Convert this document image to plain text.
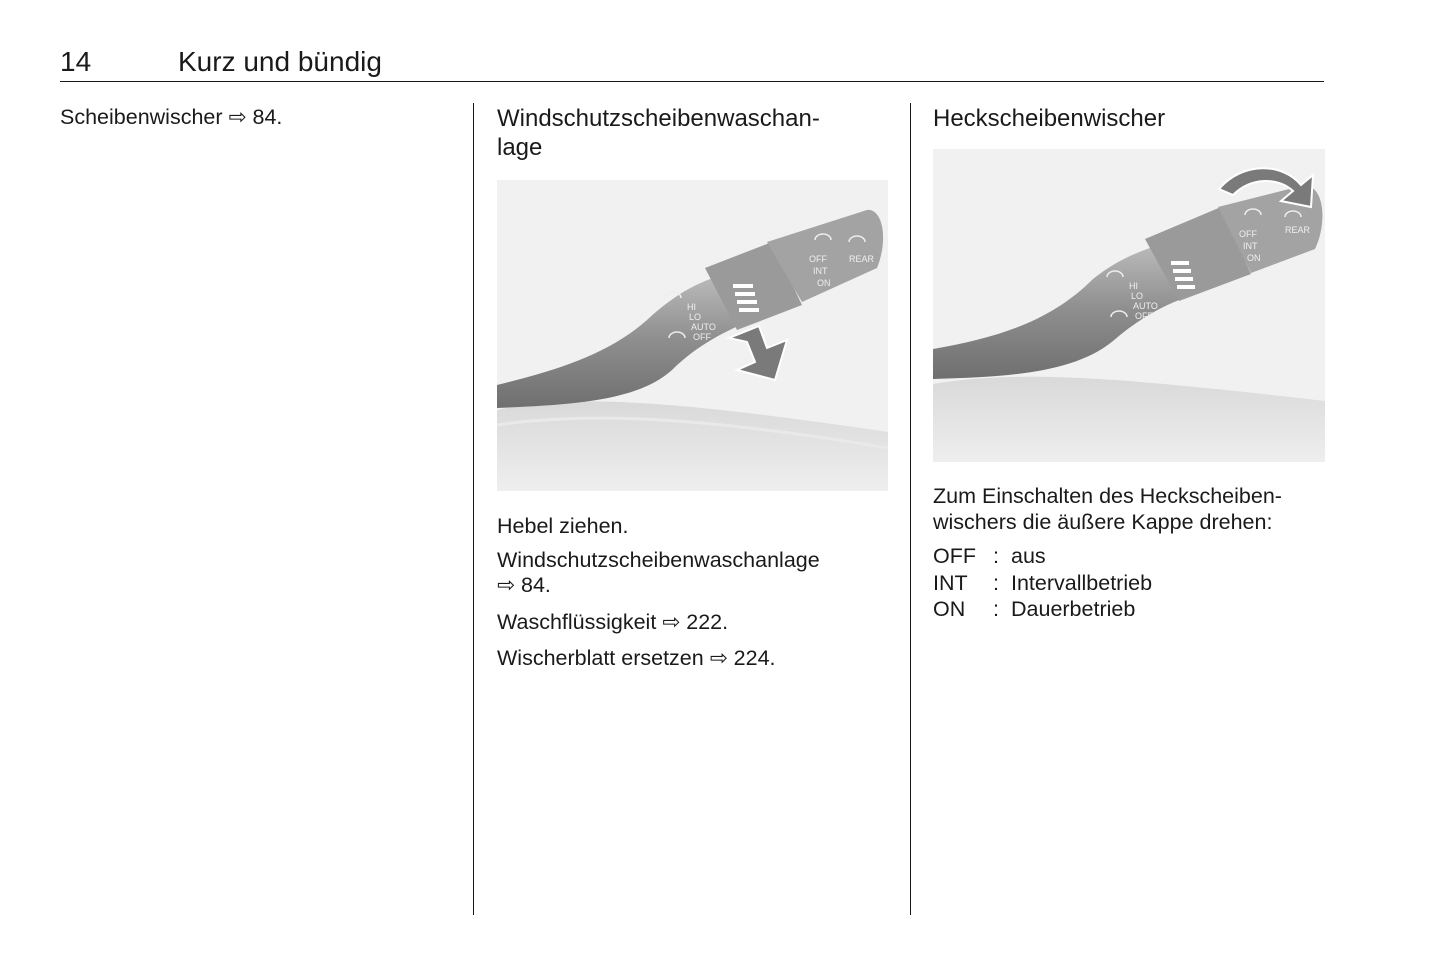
14	Kurz und bündig

Scheibenwischer ⇨ 84.	Windschutzscheibenwaschan-
lage
OFF
INT
ON
REAR
HI
LO
AUTO
OFF

Hebel ziehen.

Windschutzscheibenwaschanlage

⇨ 84.

Waschflüssigkeit ⇨ 222.

Wischerblatt ersetzen ⇨ 224.

Heckscheibenwischer
OFF
INT
ON
REAR
HI
LO
AUTO
OFF

Zum Einschalten des Heckscheiben-

wischers die äußere Kappe drehen:

OFF : aus
INT : Intervallbetrieb
ON : Dauerbetrieb
